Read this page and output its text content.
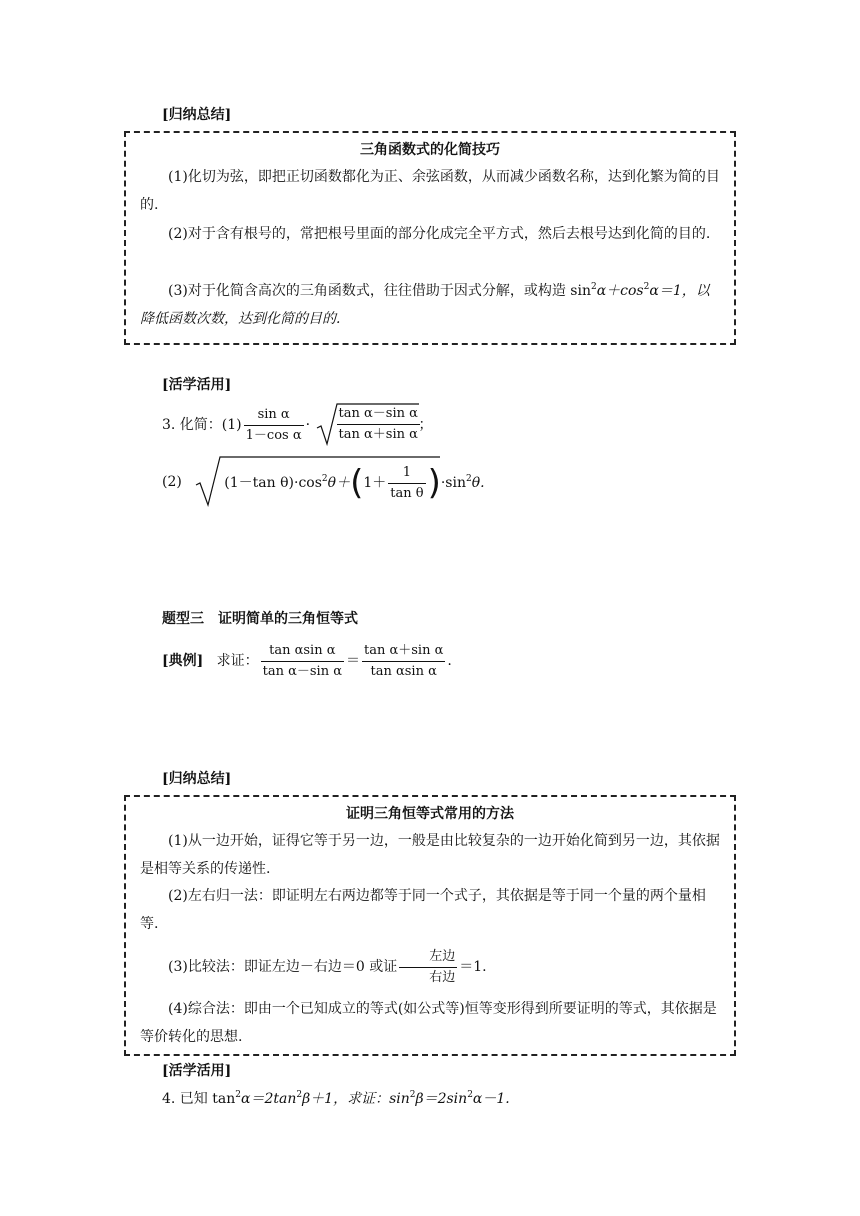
[归纳总结]
三角函数式的化简技巧
(1)化切为弦，即把正切函数都化为正、余弦函数，从而减少函数名称，达到化繁为简的目的.
(2)对于含有根号的，常把根号里面的部分化成完全平方式，然后去根号达到化简的目的.
(3)对于化简含高次的三角函数式，往往借助于因式分解，或构造 $\sin^2\alpha+\cos^2\alpha=1$，以降低函数次数，达到化简的目的.
[活学活用]
3. 化简：$(1) \frac{\text{sin α}}{\text{1－cos α}} \cdot \frac{\text{tan α－sin α}}{\text{tan α＋sin α}}$
；
(2)	(1－tan $\theta)\cdot\cos^2\theta+(1+ \frac{1}{\text{tan θ}} )\cdot\sin^2\theta$.
题型三　证明简单的三角恒等式
[典例] 求证： $\frac{\text{tan αsin α}}{\text{tan α－sin α}} = \frac{\text{tan α＋sin α}}{\text{tan αsin α}}$ .
[归纳总结]
证明三角恒等式常用的方法
(1)从一边开始，证得它等于另一边，一般是由比较复杂的一边开始化简到另一边，其依据是相等关系的传递性.
(2)左右归一法：即证明左右两边都等于同一个式子，其依据是等于同一个量的两个量相等.
(3)比较法：即证左边－右边＝0 或证 $\frac{\text{左边}}{\text{右边}} =1$.
(4)综合法：即由一个已知成立的等式(如公式等)恒等变形得到所要证明的等式，其依据是等价转化的思想.
[活学活用]
4. 已知 $\tan^2\alpha=2\tan^2\beta+1$，求证：$\sin^2\beta=2\sin^2\alpha-1$.
